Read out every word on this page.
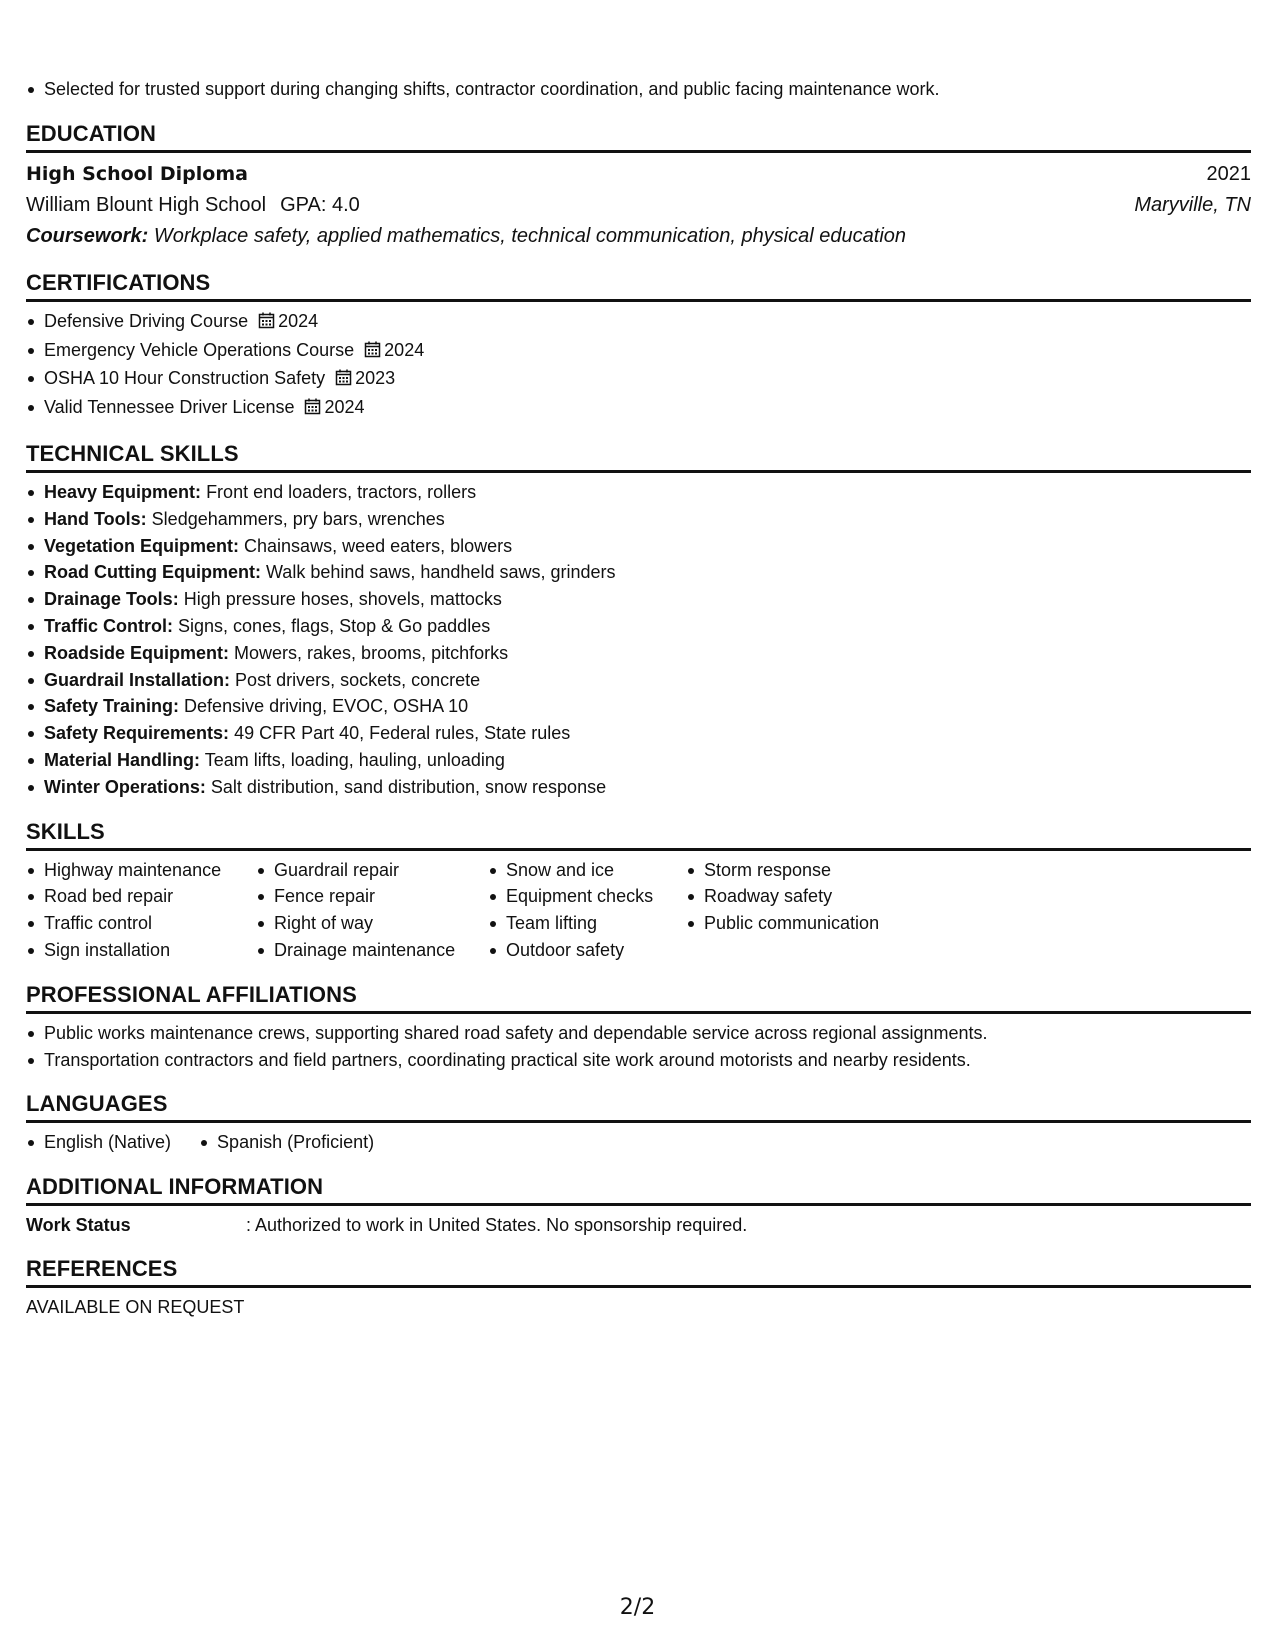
Selected for trusted support during changing shifts, contractor coordination, and public facing maintenance work.
EDUCATION
High School Diploma	2021
William Blount High School GPA: 4.0	Maryville, TN
Coursework: Workplace safety, applied mathematics, technical communication, physical education
CERTIFICATIONS
Defensive Driving Course 2024
Emergency Vehicle Operations Course 2024
OSHA 10 Hour Construction Safety 2023
Valid Tennessee Driver License 2024
TECHNICAL SKILLS
Heavy Equipment: Front end loaders, tractors, rollers
Hand Tools: Sledgehammers, pry bars, wrenches
Vegetation Equipment: Chainsaws, weed eaters, blowers
Road Cutting Equipment: Walk behind saws, handheld saws, grinders
Drainage Tools: High pressure hoses, shovels, mattocks
Traffic Control: Signs, cones, flags, Stop & Go paddles
Roadside Equipment: Mowers, rakes, brooms, pitchforks
Guardrail Installation: Post drivers, sockets, concrete
Safety Training: Defensive driving, EVOC, OSHA 10
Safety Requirements: 49 CFR Part 40, Federal rules, State rules
Material Handling: Team lifts, loading, hauling, unloading
Winter Operations: Salt distribution, sand distribution, snow response
SKILLS
Highway maintenance
Road bed repair
Traffic control
Sign installation
Guardrail repair
Fence repair
Right of way
Drainage maintenance
Snow and ice
Equipment checks
Team lifting
Outdoor safety
Storm response
Roadway safety
Public communication
PROFESSIONAL AFFILIATIONS
Public works maintenance crews, supporting shared road safety and dependable service across regional assignments.
Transportation contractors and field partners, coordinating practical site work around motorists and nearby residents.
LANGUAGES
English (Native)	Spanish (Proficient)
ADDITIONAL INFORMATION
Work Status	: Authorized to work in United States. No sponsorship required.
REFERENCES
AVAILABLE ON REQUEST
2/2
